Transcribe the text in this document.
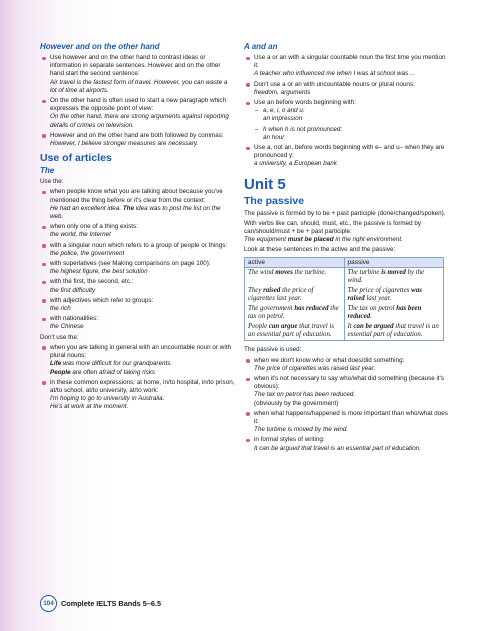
However and on the other hand
Use however and on the other hand to contrast ideas or information in separate sentences. However and on the other hand start the second sentence:
Air travel is the fastest form of travel. However, you can waste a lot of time at airports.
On the other hand is often used to start a new paragraph which expresses the opposite point of view:
On the other hand, there are strong arguments against reporting details of crimes on television.
However and on the other hand are both followed by commas:
However, I believe stronger measures are necessary.
Use of articles
The

Use the:

when people know what you are talking about because you've mentioned the thing before or it's clear from the context:
He had an excellent idea. The idea was to post the list on the web.
when only one of a thing exists:
the world, the Internet
with a singular noun which refers to a group of people or things:
the police, the government
with superlatives (see Making comparisons on page 100):
the highest figure, the best solution
with the first, the second, etc.:
the first difficulty
with adjectives which refer to groups:
the rich
with nationalities:
the Chinese

Don't use the:

when you are talking in general with an uncountable noun or with plural nouns:
Life was more difficult for our grandparents.
People are often afraid of taking risks
in these common expressions: at home, in/to hospital, in/to prison, at/to school, at/to university, at/to work:
I'm hoping to go to university in Australia.
He's at work at the moment.
A and an
Use a or an with a singular countable noun the first time you mention it:
A teacher who influenced me when I was at school was ...
Don't use a or an with uncountable nouns or plural nouns:
freedom, arguments
Use an before words beginning with:
– a, e, i, o and u:
an impression
– h when h is not pronounced:
an hour
Use a, not an, before words beginning with e– and u– when they are pronounced y:
a university, a European bank
Unit 5
The passive

The passive is formed by to be + past participle (done/changed/spoken).

With verbs like can, should, must, etc., the passive is formed by can/should/must + be + past participle:
The equipment must be placed in the right environment.

Look at these sentences in the active and the passive:

active	passive

The wind moves the turbine.	The turbine is moved by the wind.

They raised the price of cigarettes last year.	The price of cigarettes was raised last year.

The government has reduced the tax on petrol.	The tax on petrol has been reduced.

People can argue that travel is an essential part of education.	It can be argued that travel is an essential part of education.

The passive is used:

when we don't know who or what does/did something:
The price of cigarettes was raised last year.
when it's not necessary to say who/what did something (because it's obvious):
The tax on petrol has been reduced.
(obviously by the government)
when what happens/happened is more important than who/what does it:
The turbine is moved by the wind.
in formal styles of writing:
It can be argued that travel is an essential part of education.
104 Complete IELTS Bands 5–6.5
